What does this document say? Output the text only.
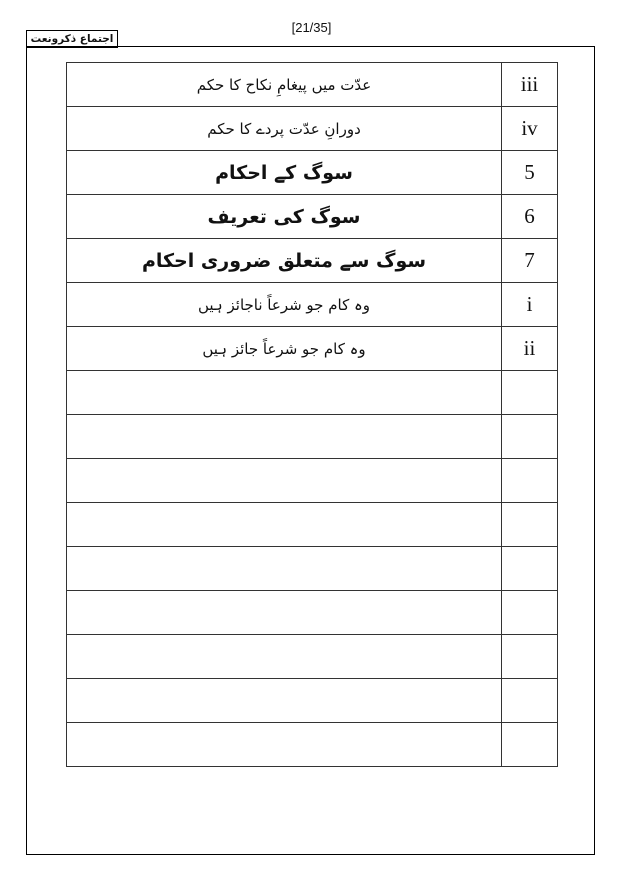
[21/35]
اجتماع ذکرونعت
عدّت میں پیغامِ نکاح کا حکم	iii
دورانِ عدّت پردے کا حکم	iv
سوگ کے احکام	5
سوگ کی تعریف	6
سوگ سے متعلق ضروری احکام	7
وہ کام جو شرعاً ناجائز ہیں	i
وہ کام جو شرعاً جائز ہیں	ii
